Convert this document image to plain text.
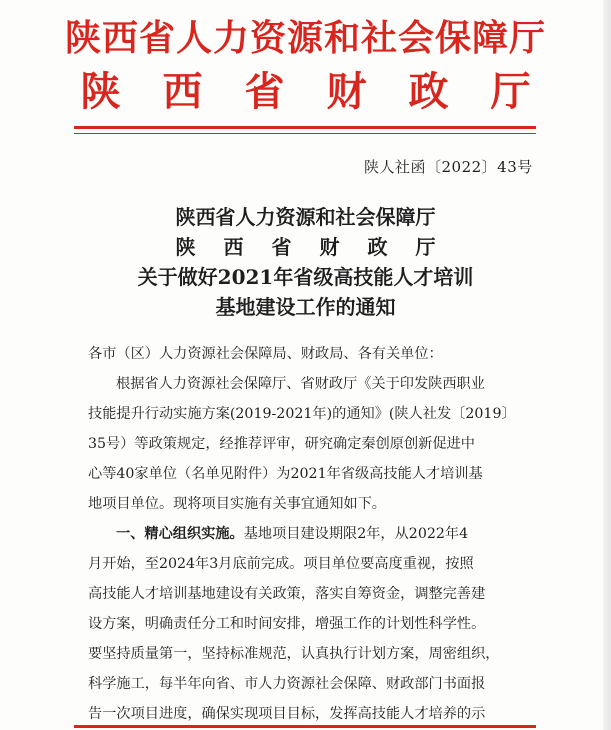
陕西省人力资源和社会保障厅
陕 西 省 财 政 厅
陕人社函〔2022〕43号
陕西省人力资源和社会保障厅
陕 西 省 财 政 厅
关于做好2021年省级高技能人才培训
基地建设工作的通知
各市（区）人力资源社会保障局、财政局、各有关单位：
根据省人力资源社会保障厅、省财政厅《关于印发陕西职业
技能提升行动实施方案(2019-2021年)的通知》(陕人社发〔2019〕
35号）等政策规定，经推荐评审，研究确定秦创原创新促进中
心等40家单位（名单见附件）为2021年省级高技能人才培训基
地项目单位。现将项目实施有关事宜通知如下。
一、精心组织实施。基地项目建设期限2年，从2022年4
月开始，至2024年3月底前完成。项目单位要高度重视，按照
高技能人才培训基地建设有关政策，落实自筹资金，调整完善建
设方案，明确责任分工和时间安排，增强工作的计划性科学性。
要坚持质量第一，坚持标准规范，认真执行计划方案，周密组织，
科学施工，每半年向省、市人力资源社会保障、财政部门书面报
告一次项目进度，确保实现项目目标，发挥高技能人才培养的示
